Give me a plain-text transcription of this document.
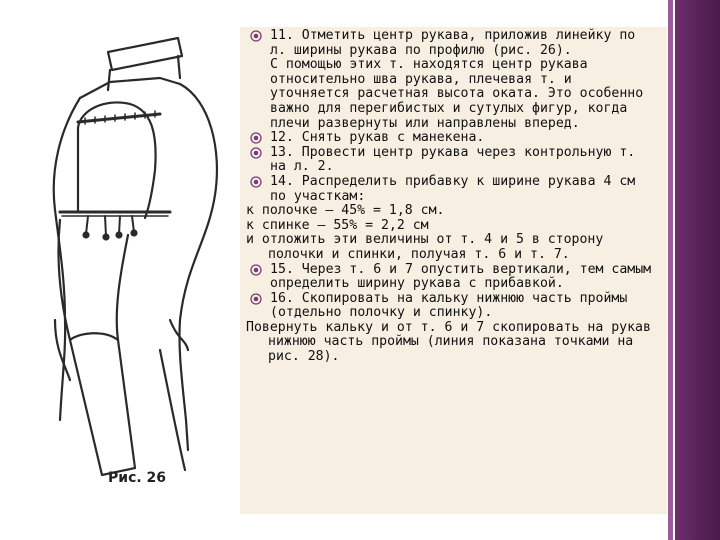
Рис. 26
11. Отметить центр рукава, приложив линейку по л. ширины рукава по профилю (рис. 26).
С помощью этих т. находятся центр рукава относительно шва рукава, плечевая т. и уточняется расчетная высота оката. Это особенно важно для перегибистых и сутулых фигур, когда плечи развернуты или направлены вперед.
12. Снять рукав с манекена.
13. Провести центр рукава через контрольную т. на л. 2.
14. Распределить прибавку к ширине рукава 4 см по участкам:
к полочке — 45% = 1,8 см.
к спинке — 55% = 2,2 см
и отложить эти величины от т. 4 и 5 в сторону полочки и спинки, получая т. 6 и т. 7.
15. Через т. 6 и 7 опустить вертикали, тем самым определить ширину рукава с прибавкой.
16. Скопировать на кальку нижнюю часть проймы (отдельно полочку и спинку).
Повернуть кальку и от т. 6 и 7 скопировать на рукав нижнюю часть проймы (линия показана точками на рис. 28).
